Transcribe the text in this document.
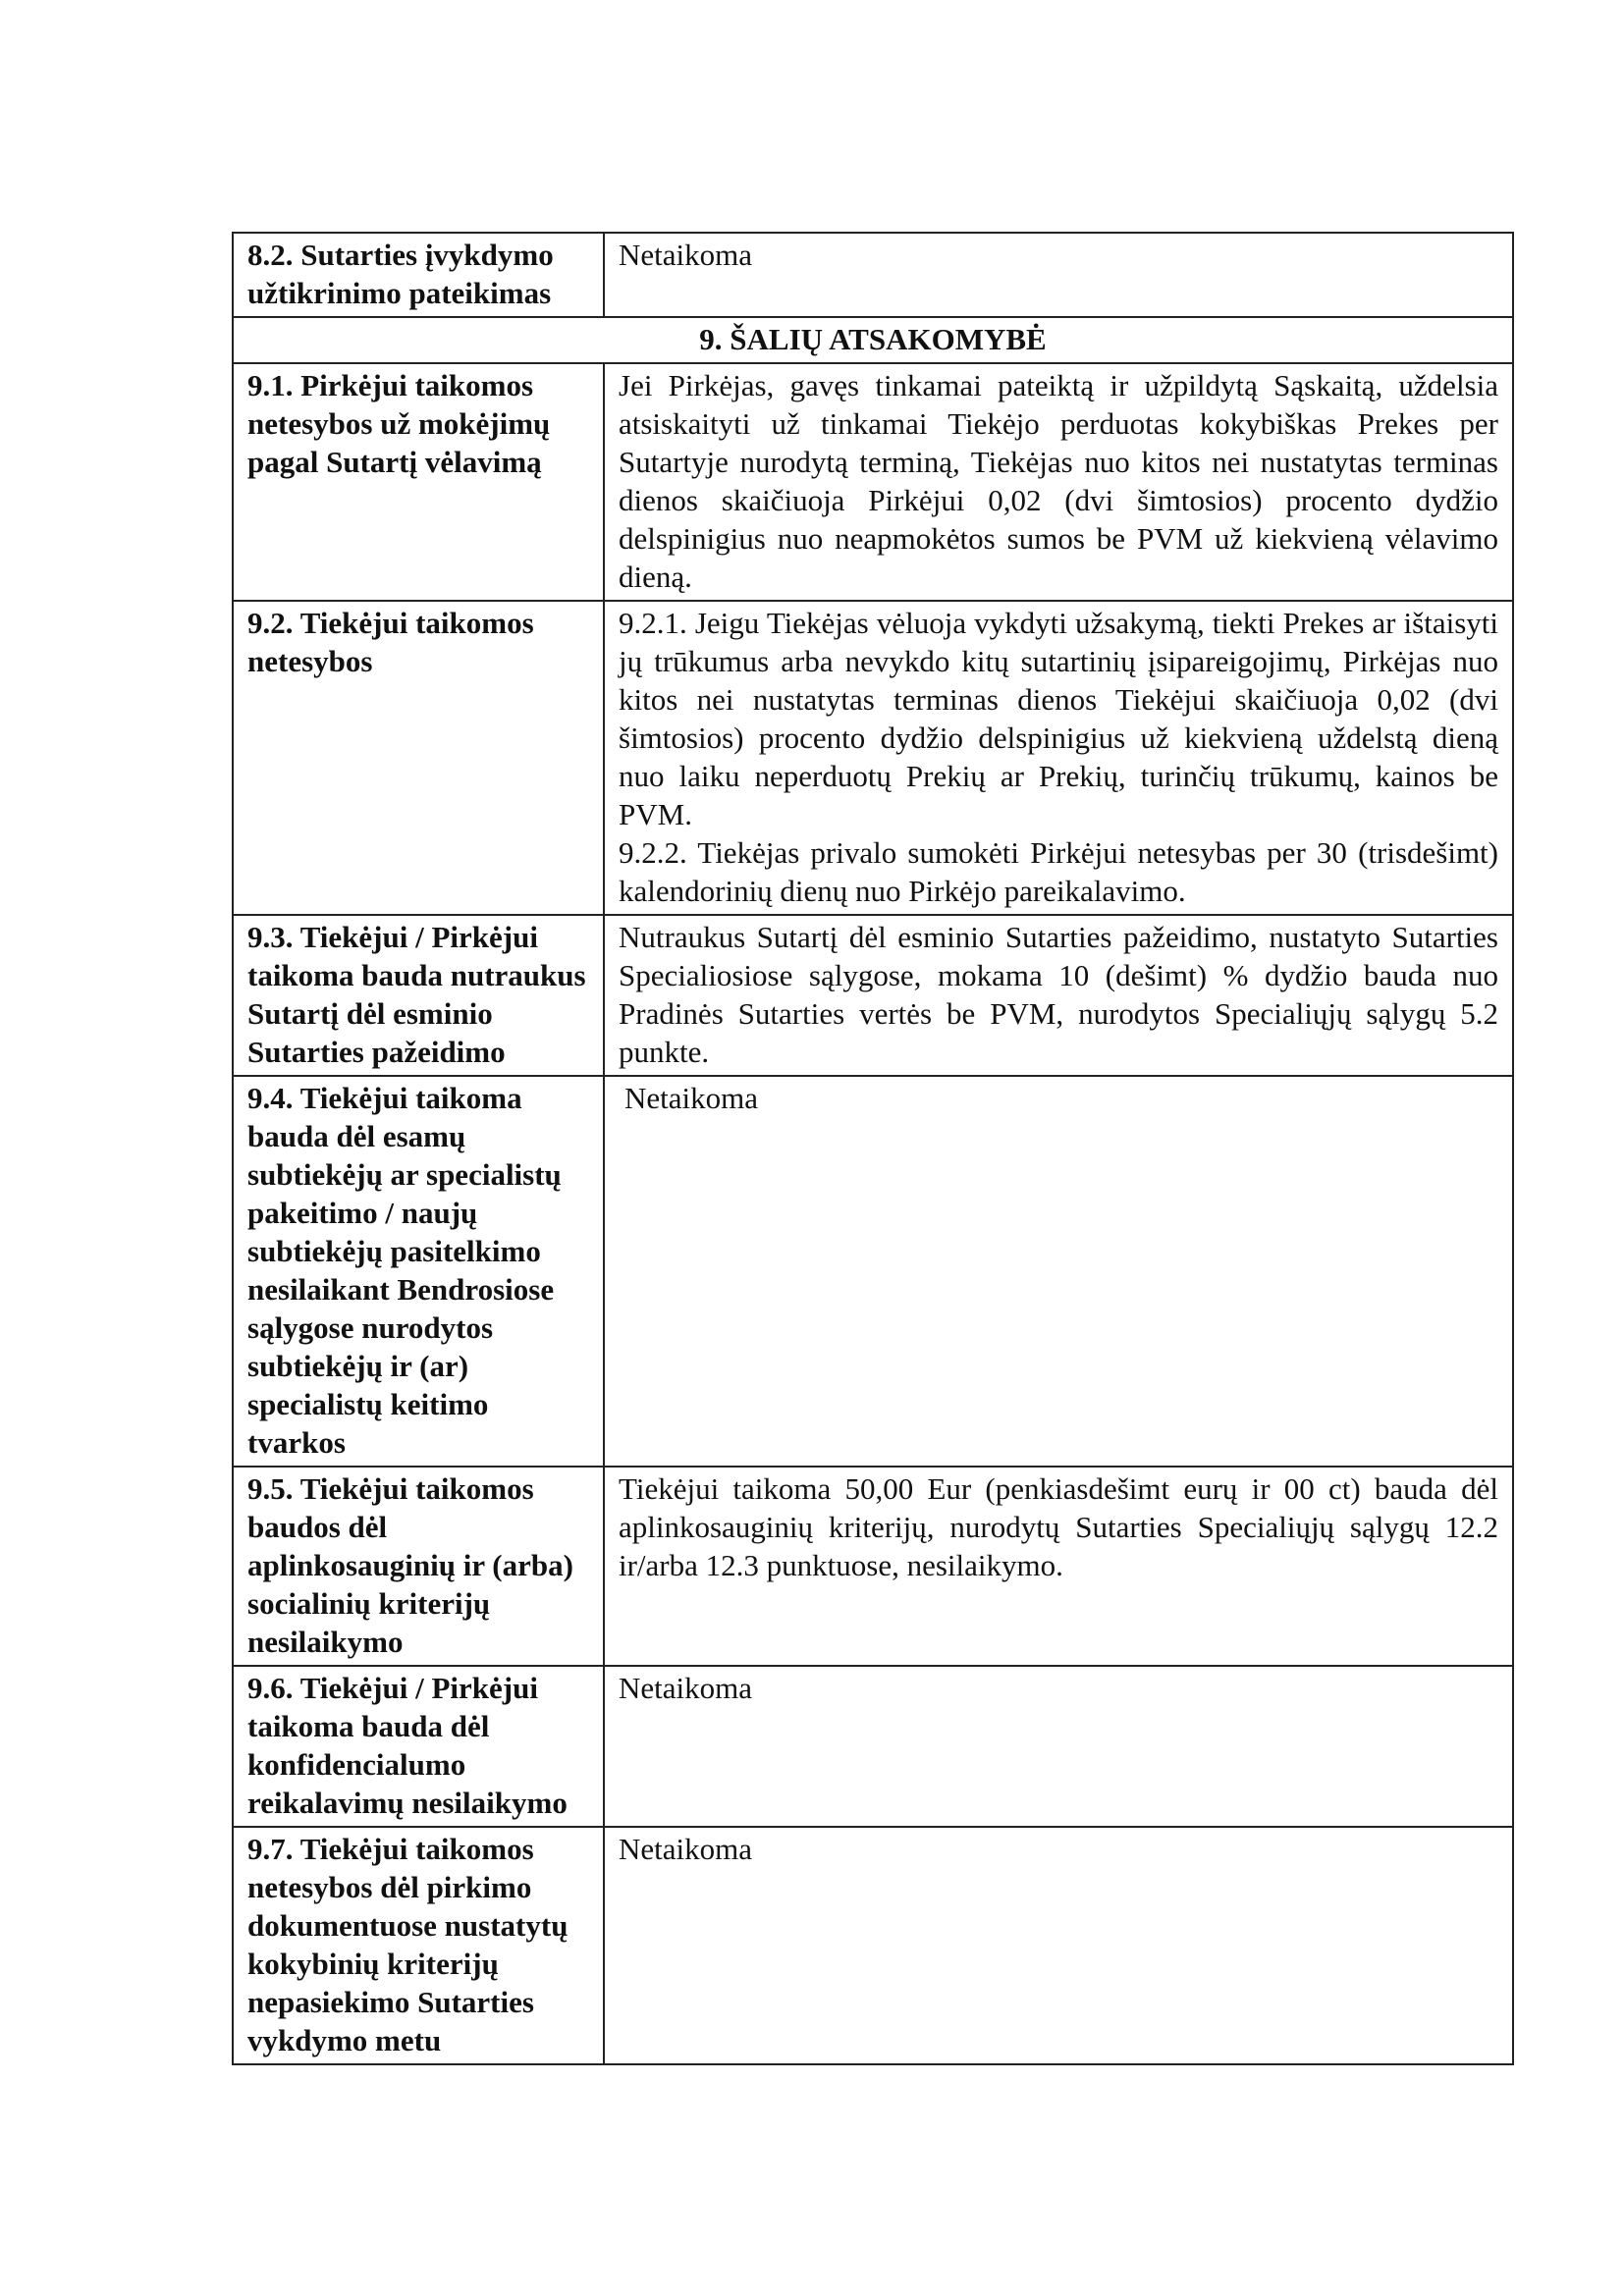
8.2. Sutarties įvykdymo užtikrinimo pateikimas	Netaikoma

9. ŠALIŲ ATSAKOMYBĖ	
9.1. Pirkėjui taikomos netesybos už mokėjimų pagal Sutartį vėlavimą	Jei Pirkėjas, gavęs tinkamai pateiktą ir užpildytą Sąskaitą, uždelsia atsiskaityti už tinkamai Tiekėjo perduotas kokybiškas Prekes per Sutartyje nurodytą terminą, Tiekėjas nuo kitos nei nustatytas terminas dienos skaičiuoja Pirkėjui 0,02 (dvi šimtosios) procento dydžio delspinigius nuo neapmokėtos sumos be PVM už kiekvieną vėlavimo dieną.

9.2. Tiekėjui taikomos netesybos	9.2.1. Jeigu Tiekėjas vėluoja vykdyti užsakymą, tiekti Prekes ar ištaisyti jų trūkumus arba nevykdo kitų sutartinių įsipareigojimų, Pirkėjas nuo kitos nei nustatytas terminas dienos Tiekėjui skaičiuoja 0,02 (dvi šimtosios) procento dydžio delspinigius už kiekvieną uždelstą dieną nuo laiku neperduotų Prekių ar Prekių, turinčių trūkumų, kainos be PVM.
9.2.2. Tiekėjas privalo sumokėti Pirkėjui netesybas per 30 (trisdešimt) kalendorinių dienų nuo Pirkėjo pareikalavimo.

9.3. Tiekėjui / Pirkėjui taikoma bauda nutraukus Sutartį dėl esminio Sutarties pažeidimo	Nutraukus Sutartį dėl esminio Sutarties pažeidimo, nustatyto Sutarties Specialiosiose sąlygose, mokama 10 (dešimt) % dydžio bauda nuo Pradinės Sutarties vertės be PVM, nurodytos Specialiųjų sąlygų 5.2 punkte.

9.4. Tiekėjui taikoma bauda dėl esamų subtiekėjų ar specialistų pakeitimo / naujų subtiekėjų pasitelkimo nesilaikant Bendrosiose sąlygose nurodytos subtiekėjų ir (ar) specialistų keitimo tvarkos	Netaikoma

9.5. Tiekėjui taikomos baudos dėl aplinkosauginių ir (arba) socialinių kriterijų nesilaikymo	Tiekėjui taikoma 50,00 Eur (penkiasdešimt eurų ir 00 ct) bauda dėl aplinkosauginių kriterijų, nurodytų Sutarties Specialiųjų sąlygų 12.2 ir/arba 12.3 punktuose, nesilaikymo.

9.6. Tiekėjui / Pirkėjui taikoma bauda dėl konfidencialumo reikalavimų nesilaikymo	Netaikoma

9.7. Tiekėjui taikomos netesybos dėl pirkimo dokumentuose nustatytų kokybinių kriterijų nepasiekimo Sutarties vykdymo metu	Netaikoma
